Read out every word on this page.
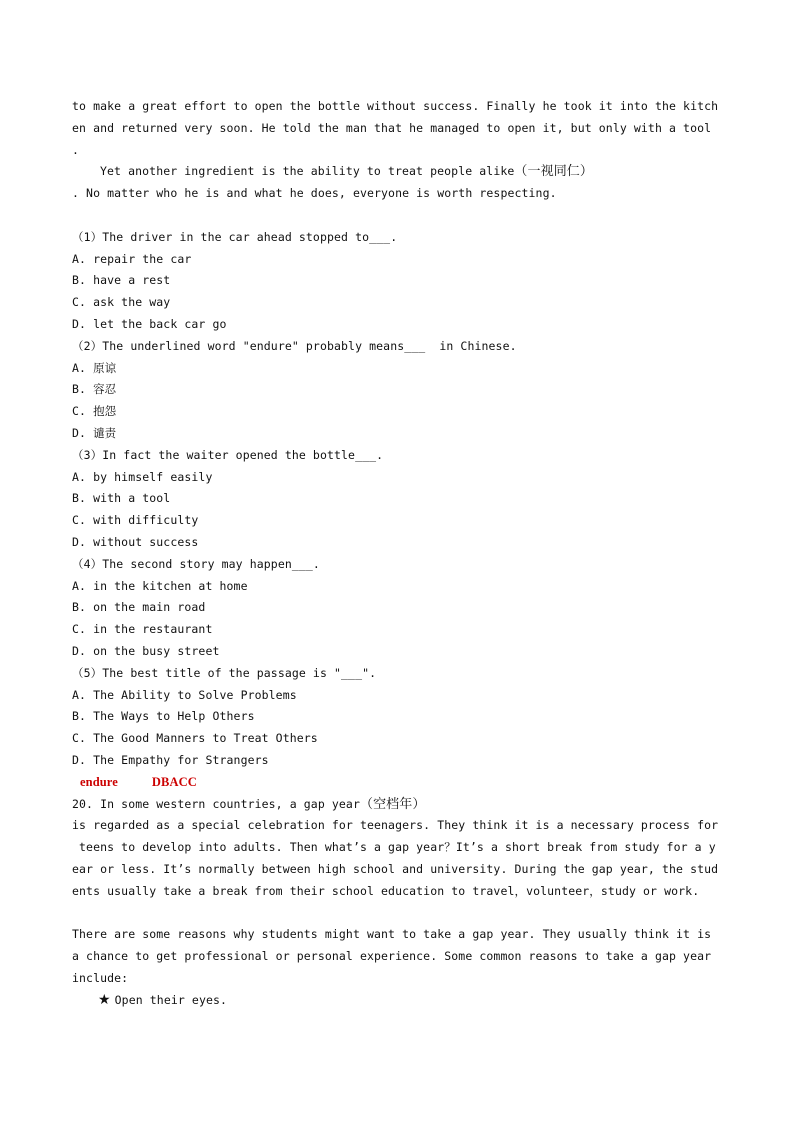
to make a great effort to open the bottle without success. Finally he took it into the kitch
en and returned very soon. He told the man that he managed to open it, but only with a tool
.
Yet another ingredient is the ability to treat people alike（一视同仁）
. No matter who he is and what he does, everyone is worth respecting.
（1）The driver in the car ahead stopped to___.
A. repair the car
B. have a rest
C. ask the way
D. let the back car go
（2）The underlined word "endure" probably means___  in Chinese.
A. 原谅
B. 容忍
C. 抱怨
D. 谴责
（3）In fact the waiter opened the bottle___.
A. by himself easily
B. with a tool
C. with difficulty
D. without success
（4）The second story may happen___.
A. in the kitchen at home
B. on the main road
C. in the restaurant
D. on the busy street
（5）The best title of the passage is "___".
A. The Ability to Solve Problems
B. The Ways to Help Others
C. The Good Manners to Treat Others
D. The Empathy for Strangers
endure	DBACC
20. In some western countries, a gap year（空档年）
is regarded as a special celebration for teenagers. They think it is a necessary process for
teens to develop into adults. Then what’s a gap year？It’s a short break from study for a y
ear or less. It’s normally between high school and university. During the gap year, the stud
ents usually take a break from their school education to travel，volunteer，study or work.
There are some reasons why students might want to take a gap year. They usually think it is
a chance to get professional or personal experience. Some common reasons to take a gap year
include:
★ Open their eyes.
